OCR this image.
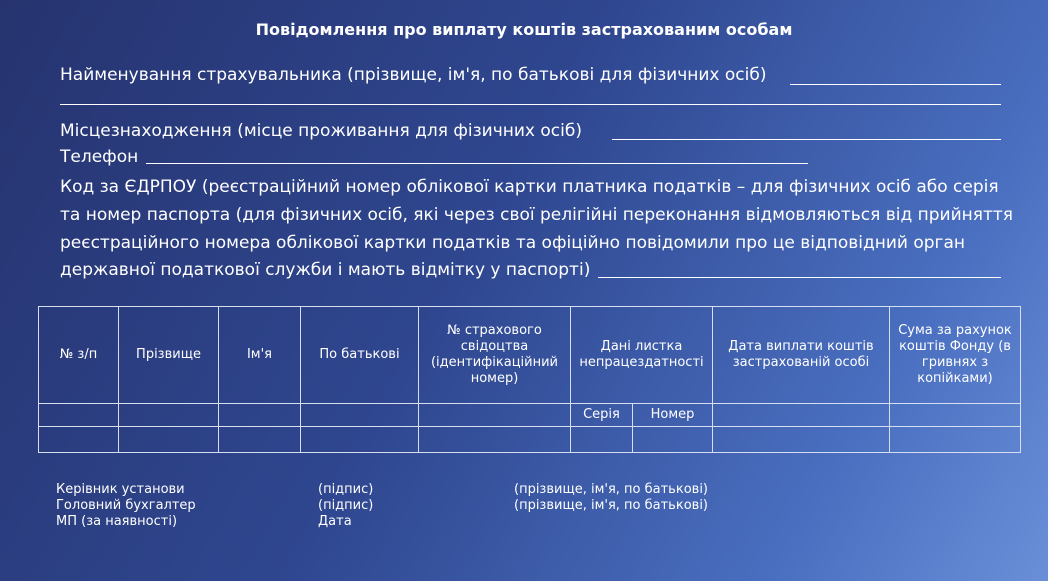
Повідомлення про виплату коштів застрахованим особам
Найменування страхувальника (прізвище, ім'я, по батькові для фізичних осіб)
Місцезнаходження (місце проживання для фізичних осіб)
Телефон
Код за ЄДРПОУ (реєстраційний номер облікової картки платника податків – для фізичних осіб або серія
та номер паспорта (для фізичних осіб, які через свої релігійні переконання відмовляються від прийняття
реєстраційного номера облікової картки податків та офіційно повідомили про це відповідний орган
державної податкової служби і мають відмітку у паспорті)
№ з/п	Прізвище	Ім'я	По батькові	№ страхового свідоцтва (ідентифікаційний номер)	Дані листка непрацездатності		Дата виплати коштів застрахованій особі	Сума за рахунок коштів Фонду (в гривнях з копійками)
					Серія	Номер		

Керівник установи	(підпис)	(прізвище, ім'я, по батькові)
Головний бухгалтер	(підпис)	(прізвище, ім'я, по батькові)
МП (за наявності)	Дата
